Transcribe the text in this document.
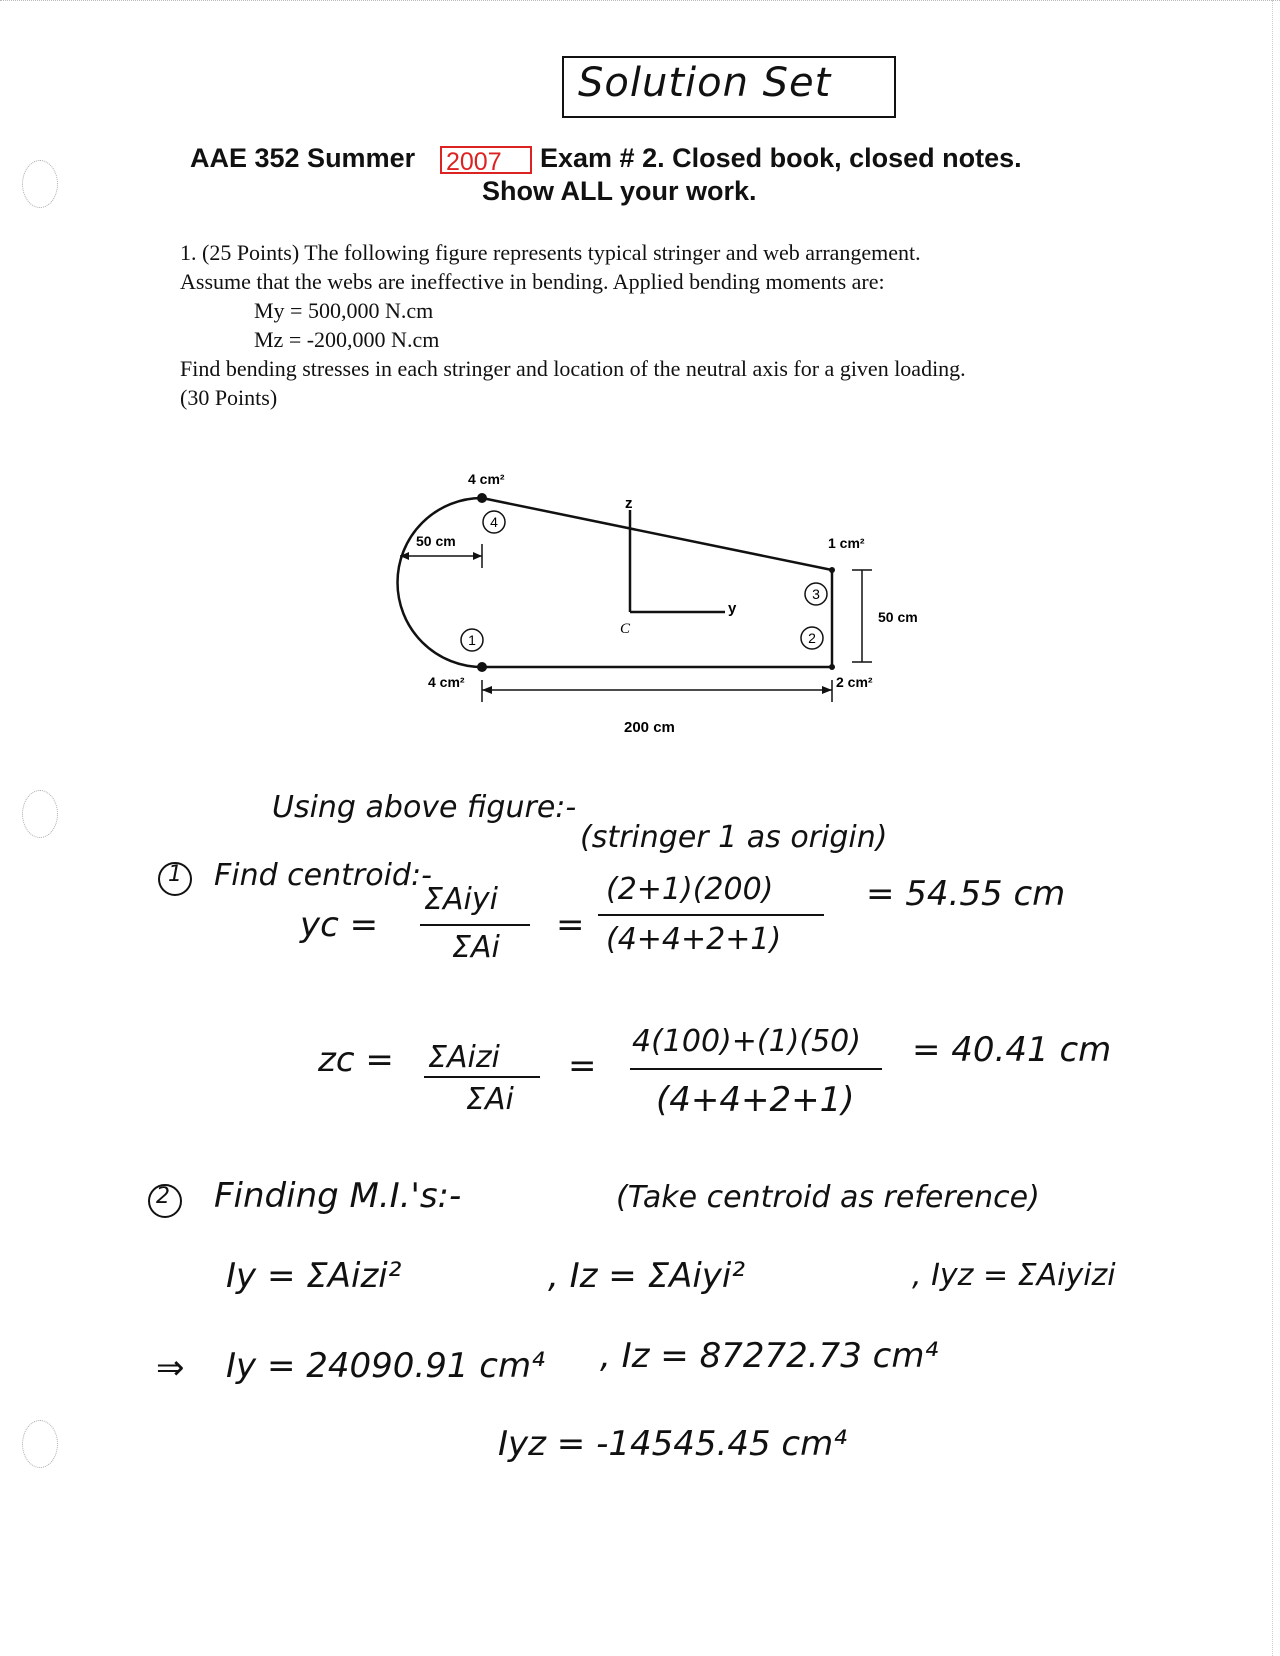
Solution Set
AAE 352 Summer 2007	Exam # 2. Closed book, closed notes.
Show ALL your work.
1. (25 Points) The following figure represents typical stringer and web arrangement.
Assume that the webs are ineffective in bending. Applied bending moments are:
My = 500,000 N.cm
Mz = -200,000 N.cm
Find bending stresses in each stringer and location of the neutral axis for a given loading.
(30 Points)
4
1	2
3
z
y
C
4 cm²
1 cm²
4 cm²	2 cm²
50 cm
50 cm
200 cm
Using above figure:-
(stringer 1 as origin)
1 Find centroid:-
yc =
ΣAiyi
ΣAi
=
(2+1)(200)
(4+4+2+1)
= 54.55 cm
zc = ΣAizi
ΣAi
=
4(100)+(1)(50)
(4+4+2+1)
= 40.41 cm
2 Finding M.I.'s:-	(Take centroid as reference)
Iy = ΣAizi²	, Iz = ΣAiyi²	, Iyz = ΣAiyizi
⇒ Iy = 24090.91 cm⁴ , Iz = 87272.73 cm⁴
Iyz = -14545.45 cm⁴
